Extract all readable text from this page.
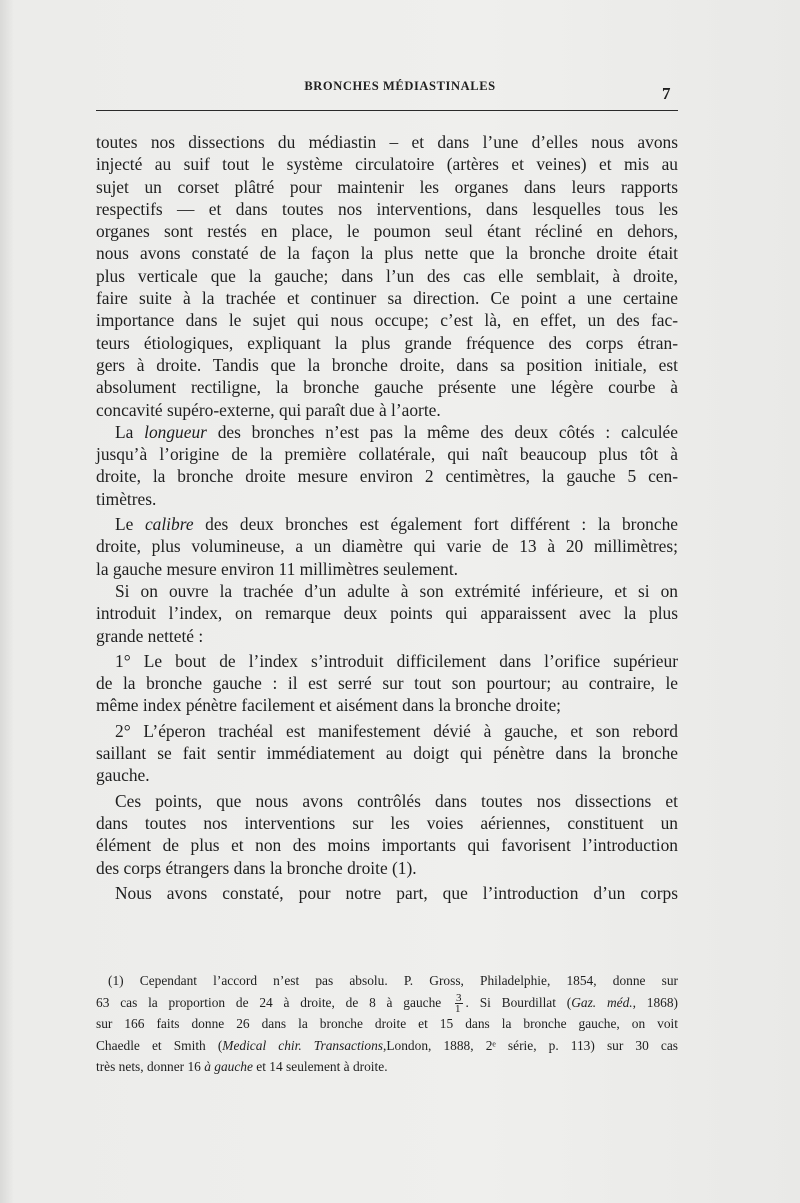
BRONCHES MÉDIASTINALES	7
toutes nos dissections du médiastin – et dans l’une d’elles nous avons
injecté au suif tout le système circulatoire (artères et veines) et mis au
sujet un corset plâtré pour maintenir les organes dans leurs rapports
respectifs — et dans toutes nos interventions, dans lesquelles tous les
organes sont restés en place, le poumon seul étant récliné en dehors,
nous avons constaté de la façon la plus nette que la bronche droite était
plus verticale que la gauche; dans l’un des cas elle semblait, à droite,
faire suite à la trachée et continuer sa direction. Ce point a une certaine
importance dans le sujet qui nous occupe; c’est là, en effet, un des fac-
teurs étiologiques, expliquant la plus grande fréquence des corps étran-
gers à droite. Tandis que la bronche droite, dans sa position initiale, est
absolument rectiligne, la bronche gauche présente une légère courbe à
concavité supéro-externe, qui paraît due à l’aorte.
La longueur des bronches n’est pas la même des deux côtés : calculée
jusqu’à l’origine de la première collatérale, qui naît beaucoup plus tôt à
droite, la bronche droite mesure environ 2 centimètres, la gauche 5 cen-
timètres.
Le calibre des deux bronches est également fort différent : la bronche
droite, plus volumineuse, a un diamètre qui varie de 13 à 20 millimètres;
la gauche mesure environ 11 millimètres seulement.
Si on ouvre la trachée d’un adulte à son extrémité inférieure, et si on
introduit l’index, on remarque deux points qui apparaissent avec la plus
grande netteté :
1° Le bout de l’index s’introduit difficilement dans l’orifice supérieur
de la bronche gauche : il est serré sur tout son pourtour; au contraire, le
même index pénètre facilement et aisément dans la bronche droite;
2° L’éperon trachéal est manifestement dévié à gauche, et son rebord
saillant se fait sentir immédiatement au doigt qui pénètre dans la bronche
gauche.
Ces points, que nous avons contrôlés dans toutes nos dissections et
dans toutes nos interventions sur les voies aériennes, constituent un
élément de plus et non des moins importants qui favorisent l’introduction
des corps étrangers dans la bronche droite (1).
Nous avons constaté, pour notre part, que l’introduction d’un corps
(1) Cependant l’accord n’est pas absolu. P. Gross, Philadelphie, 1854, donne sur
63 cas la proportion de 24 à droite, de 8 à gauche $\frac{3}{1}$ . Si Bourdillat (Gaz. méd., 1868)
sur 166 faits donne 26 dans la bronche droite et 15 dans la bronche gauche, on voit
Chaedle et Smith (Medical chir. Transactions,London, 1888, 2ᵉ série, p. 113) sur 30 cas
très nets, donner 16 à gauche et 14 seulement à droite.
